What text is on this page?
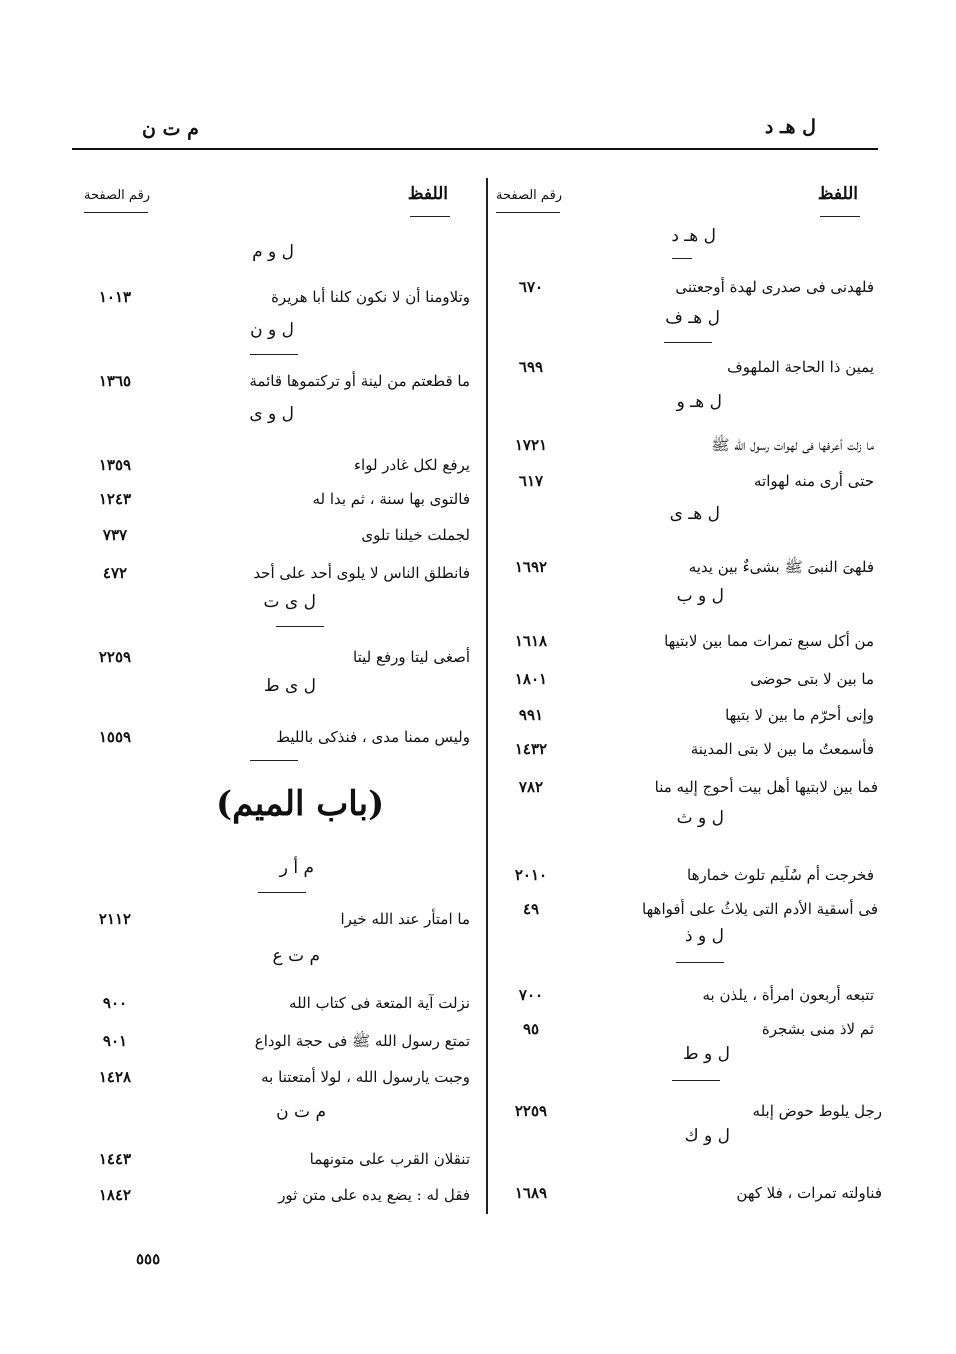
ل هـ د
م ت ن
اللفظ
رقم الصفحة
اللفظ
رقم الصفحة
ل هـ د
٦٧٠	فلهدنى فى صدرى لهدة أوجعتنى
ل هـ ف
٦٩٩	يمين ذا الحاجة الملهوف
ل هـ و
١٧٢١	ما زلت أعرفها فى لهوات رسول الله ﷺ
٦١٧	حتى أرى منه لهواته
ل هـ ى
١٦٩٢	فلهىَ النبىَ ﷺ بشىءٌ بين يديه
ل و ب
١٦١٨	من أكل سبع تمرات مما بين لابتيها
١٨٠١	ما بين لا بتى حوضى
٩٩١	وإنى أحرّم ما بين لا بتيها
١٤٣٢	فأسمعتُ ما بين لا بتى المدينة
٧٨٢	فما بين لابتيها أهل بيت أحوج إليه منا
ل و ث
٢٠١٠	فخرجت أم سُلَيم تلوث خمارها
٤٩	فى أسقية الأدم التى يلاثُ على أفواهها
ل و ذ
٧٠٠	تتبعه أربعون امرأة ، يلذن به
٩٥	ثم لاذ منى بشجرة
ل و ط
٢٢٥٩	رجل يلوط حوض إبله
ل و ك
١٦٨٩	فناولته تمرات ، فلا كهن
ل و م
١٠١٣	وتلاومنا أن لا نكون كلنا أبا هريرة
ل و ن
١٣٦٥	ما قطعتم من لينة أو تركتموها قائمة
ل و ى
١٣٥٩	يرفع لكل غادر لواء
١٢٤٣	فالتوى بها سنة ، ثم بدا له
٧٣٧	لجملت خيلنا تلوى
٤٧٢	فانطلق الناس لا يلوى أحد على أحد
ل ى ت
٢٢٥٩	أصغى ليتا ورفع ليتا
ل ى ط
١٥٥٩	وليس ممنا مدى ، فنذكى بالليط
(باب الميم)
م أ ر
٢١١٢	ما امتأر عند الله خيرا
م ت ع
٩٠٠	نزلت آية المتعة فى كتاب الله
٩٠١	تمتع رسول الله ﷺ فى حجة الوداع
١٤٢٨	وجبت يارسول الله ، لولا أمتعتنا به
م ت ن
١٤٤٣	تنقلان القرب على متونهما
١٨٤٢	فقل له : يضع يده على متن ثور
٥٥٥
